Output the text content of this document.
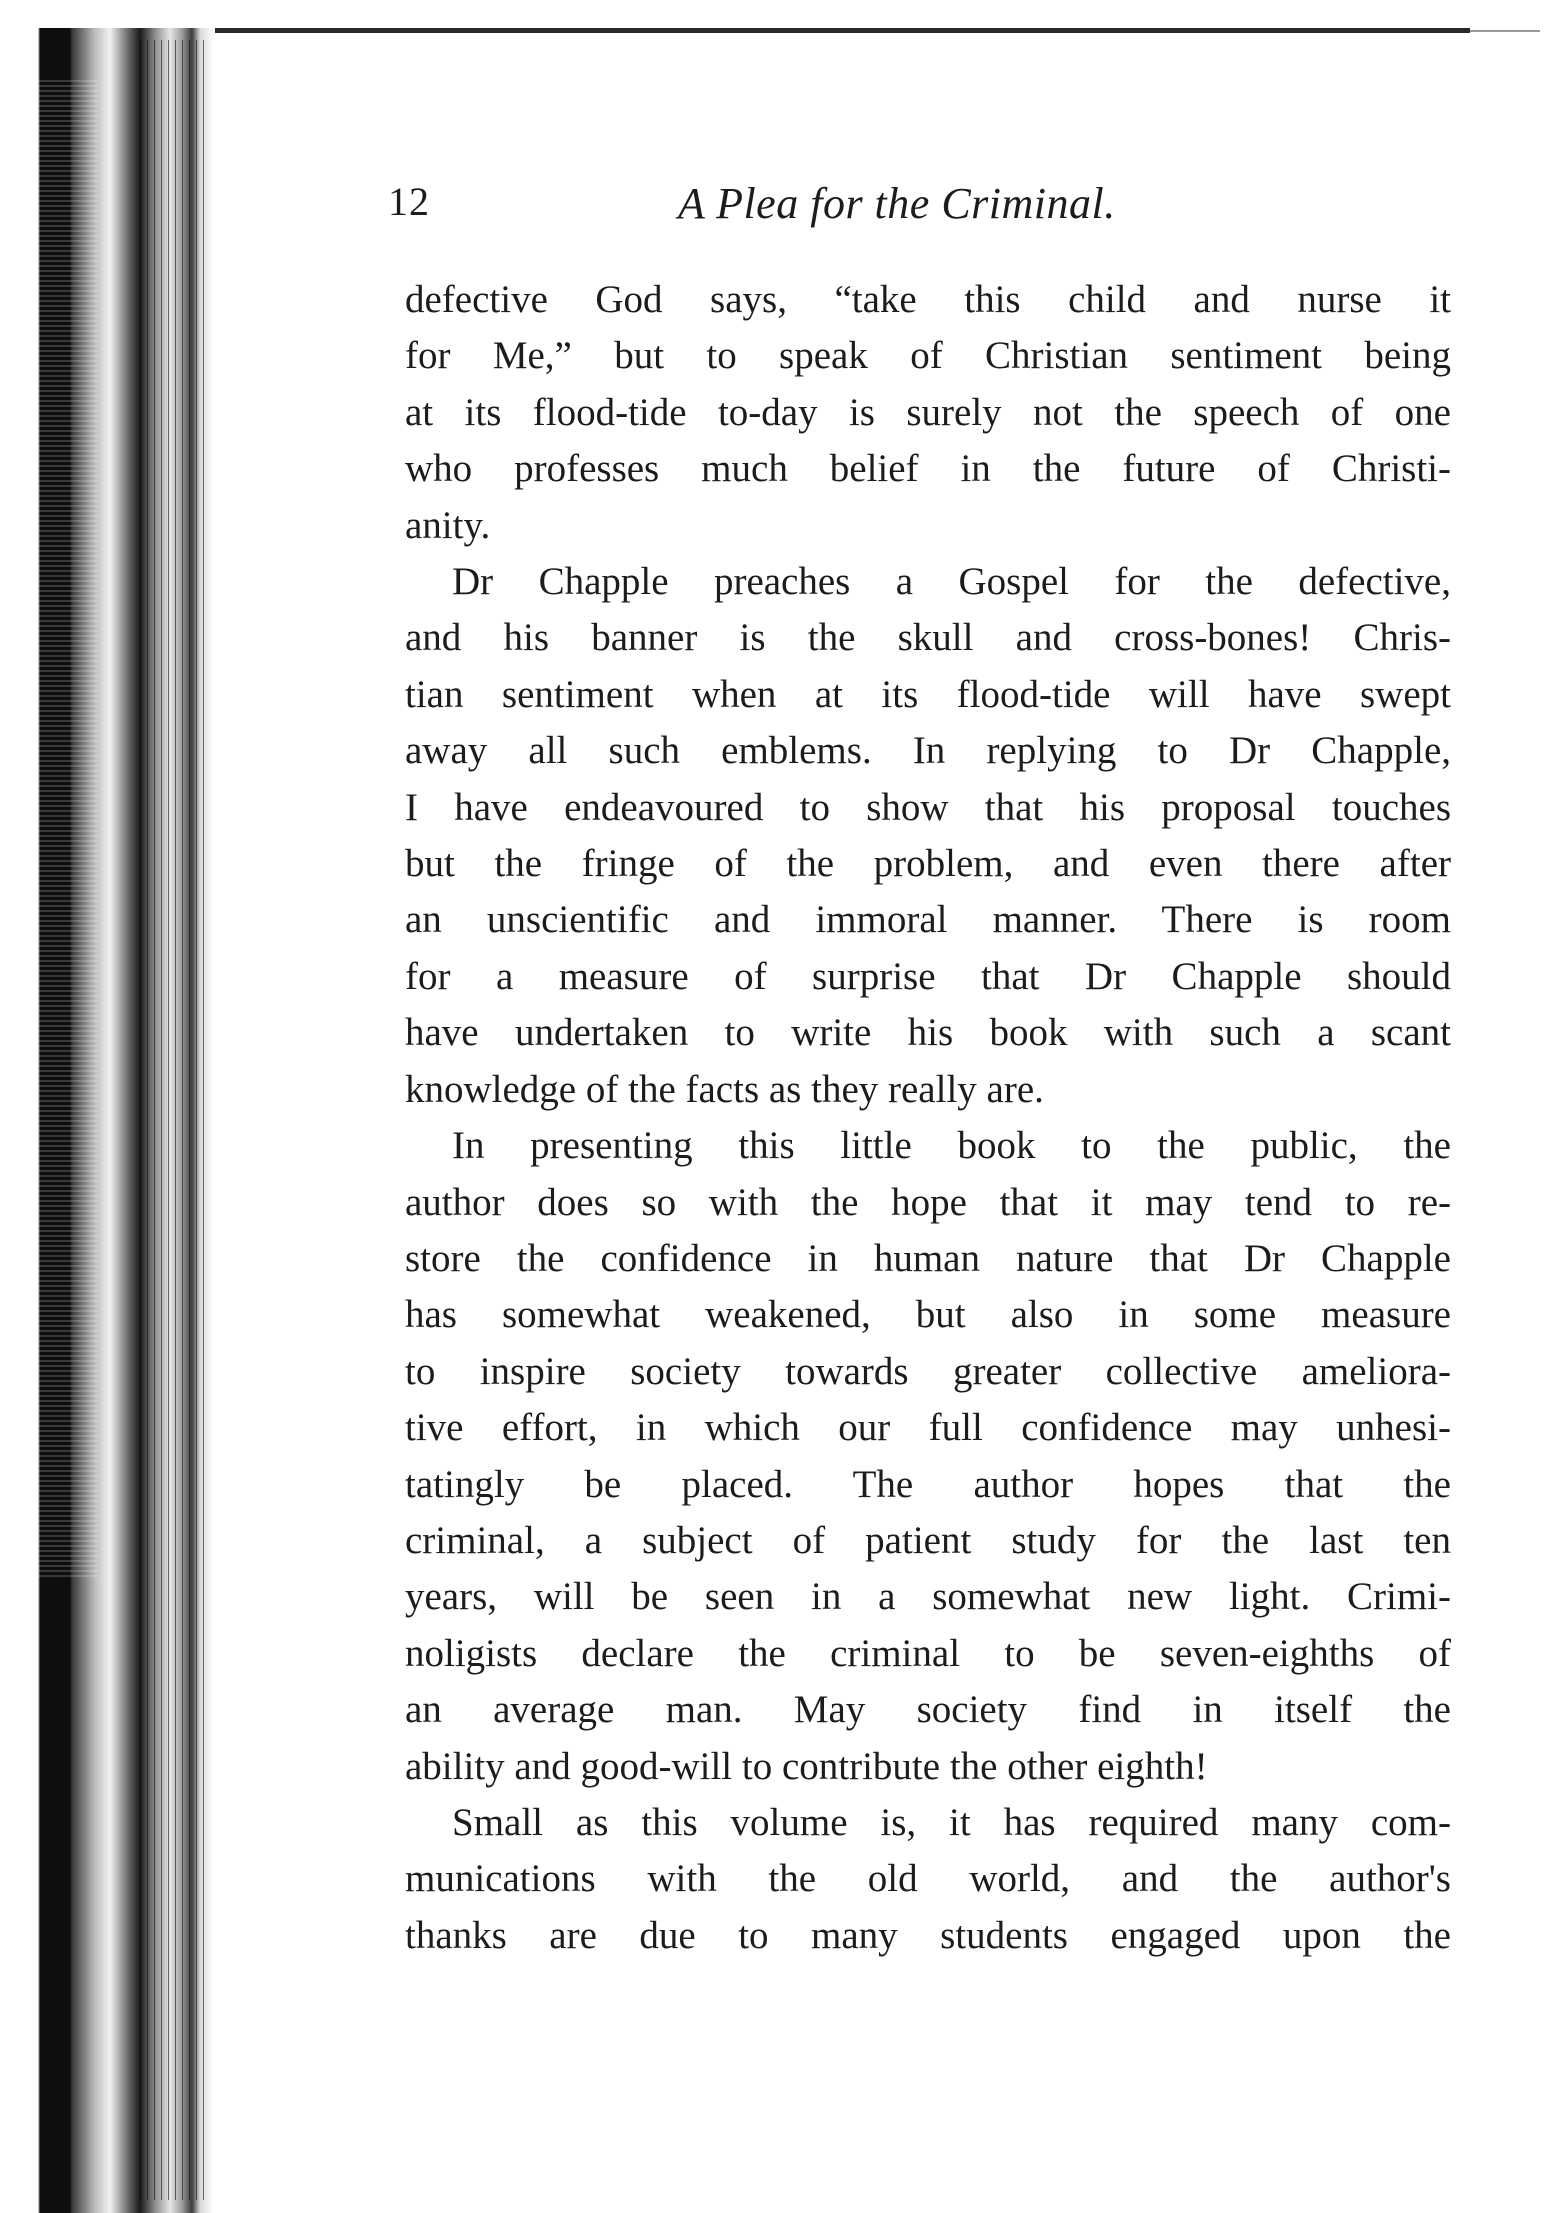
12	A Plea for the Criminal.

defective God says, “take this child and nurse it
for Me,” but to speak of Christian sentiment being
at its flood-tide to-day is surely not the speech of one
who professes much belief in the future of Christi-
anity.

Dr Chapple preaches a Gospel for the defective,
and his banner is the skull and cross-bones! Chris-
tian sentiment when at its flood-tide will have swept
away all such emblems. In replying to Dr Chapple,
I have endeavoured to show that his proposal touches
but the fringe of the problem, and even there after
an unscientific and immoral manner. There is room
for a measure of surprise that Dr Chapple should
have undertaken to write his book with such a scant
knowledge of the facts as they really are.

In presenting this little book to the public, the
author does so with the hope that it may tend to re-
store the confidence in human nature that Dr Chapple
has somewhat weakened, but also in some measure
to inspire society towards greater collective ameliora-
tive effort, in which our full confidence may unhesi-
tatingly be placed. The author hopes that the
criminal, a subject of patient study for the last ten
years, will be seen in a somewhat new light. Crimi-
noligists declare the criminal to be seven-eighths of
an average man. May society find in itself the
ability and good-will to contribute the other eighth!

Small as this volume is, it has required many com-
munications with the old world, and the author's
thanks are due to many students engaged upon the
